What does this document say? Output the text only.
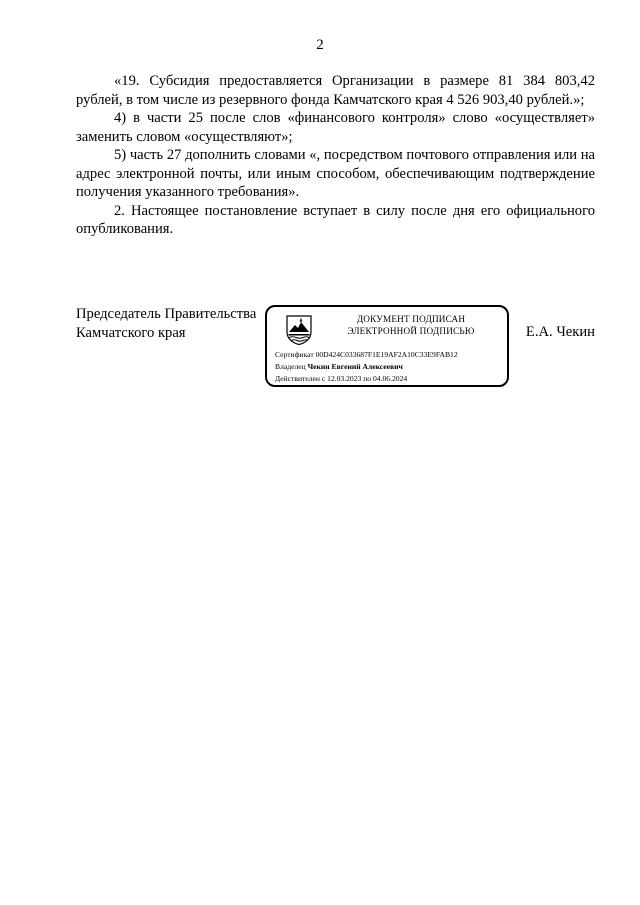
2

«19. Субсидия предоставляется Организации в размере 81 384 803,42 рублей, в том числе из резервного фонда Камчатского края 4 526 903,40 рублей.»;

4) в части 25 после слов «финансового контроля» слово «осуществляет» заменить словом «осуществляют»;

5) часть 27 дополнить словами «, посредством почтового отправления или на адрес электронной почты, или иным способом, обеспечивающим подтверждение получения указанного требования».

2. Настоящее постановление вступает в силу после дня его официального опубликования.

Председатель Правительства
Камчатского края
ДОКУМЕНТ ПОДПИСАН
ЭЛЕКТРОННОЙ ПОДПИСЬЮ
Сертификат 00D424C033687F1E19AF2A10C33E9FAB12
Владелец Чекин Евгений Алексеевич
Действителен с 12.03.2023 по 04.06.2024
Е.А. Чекин
